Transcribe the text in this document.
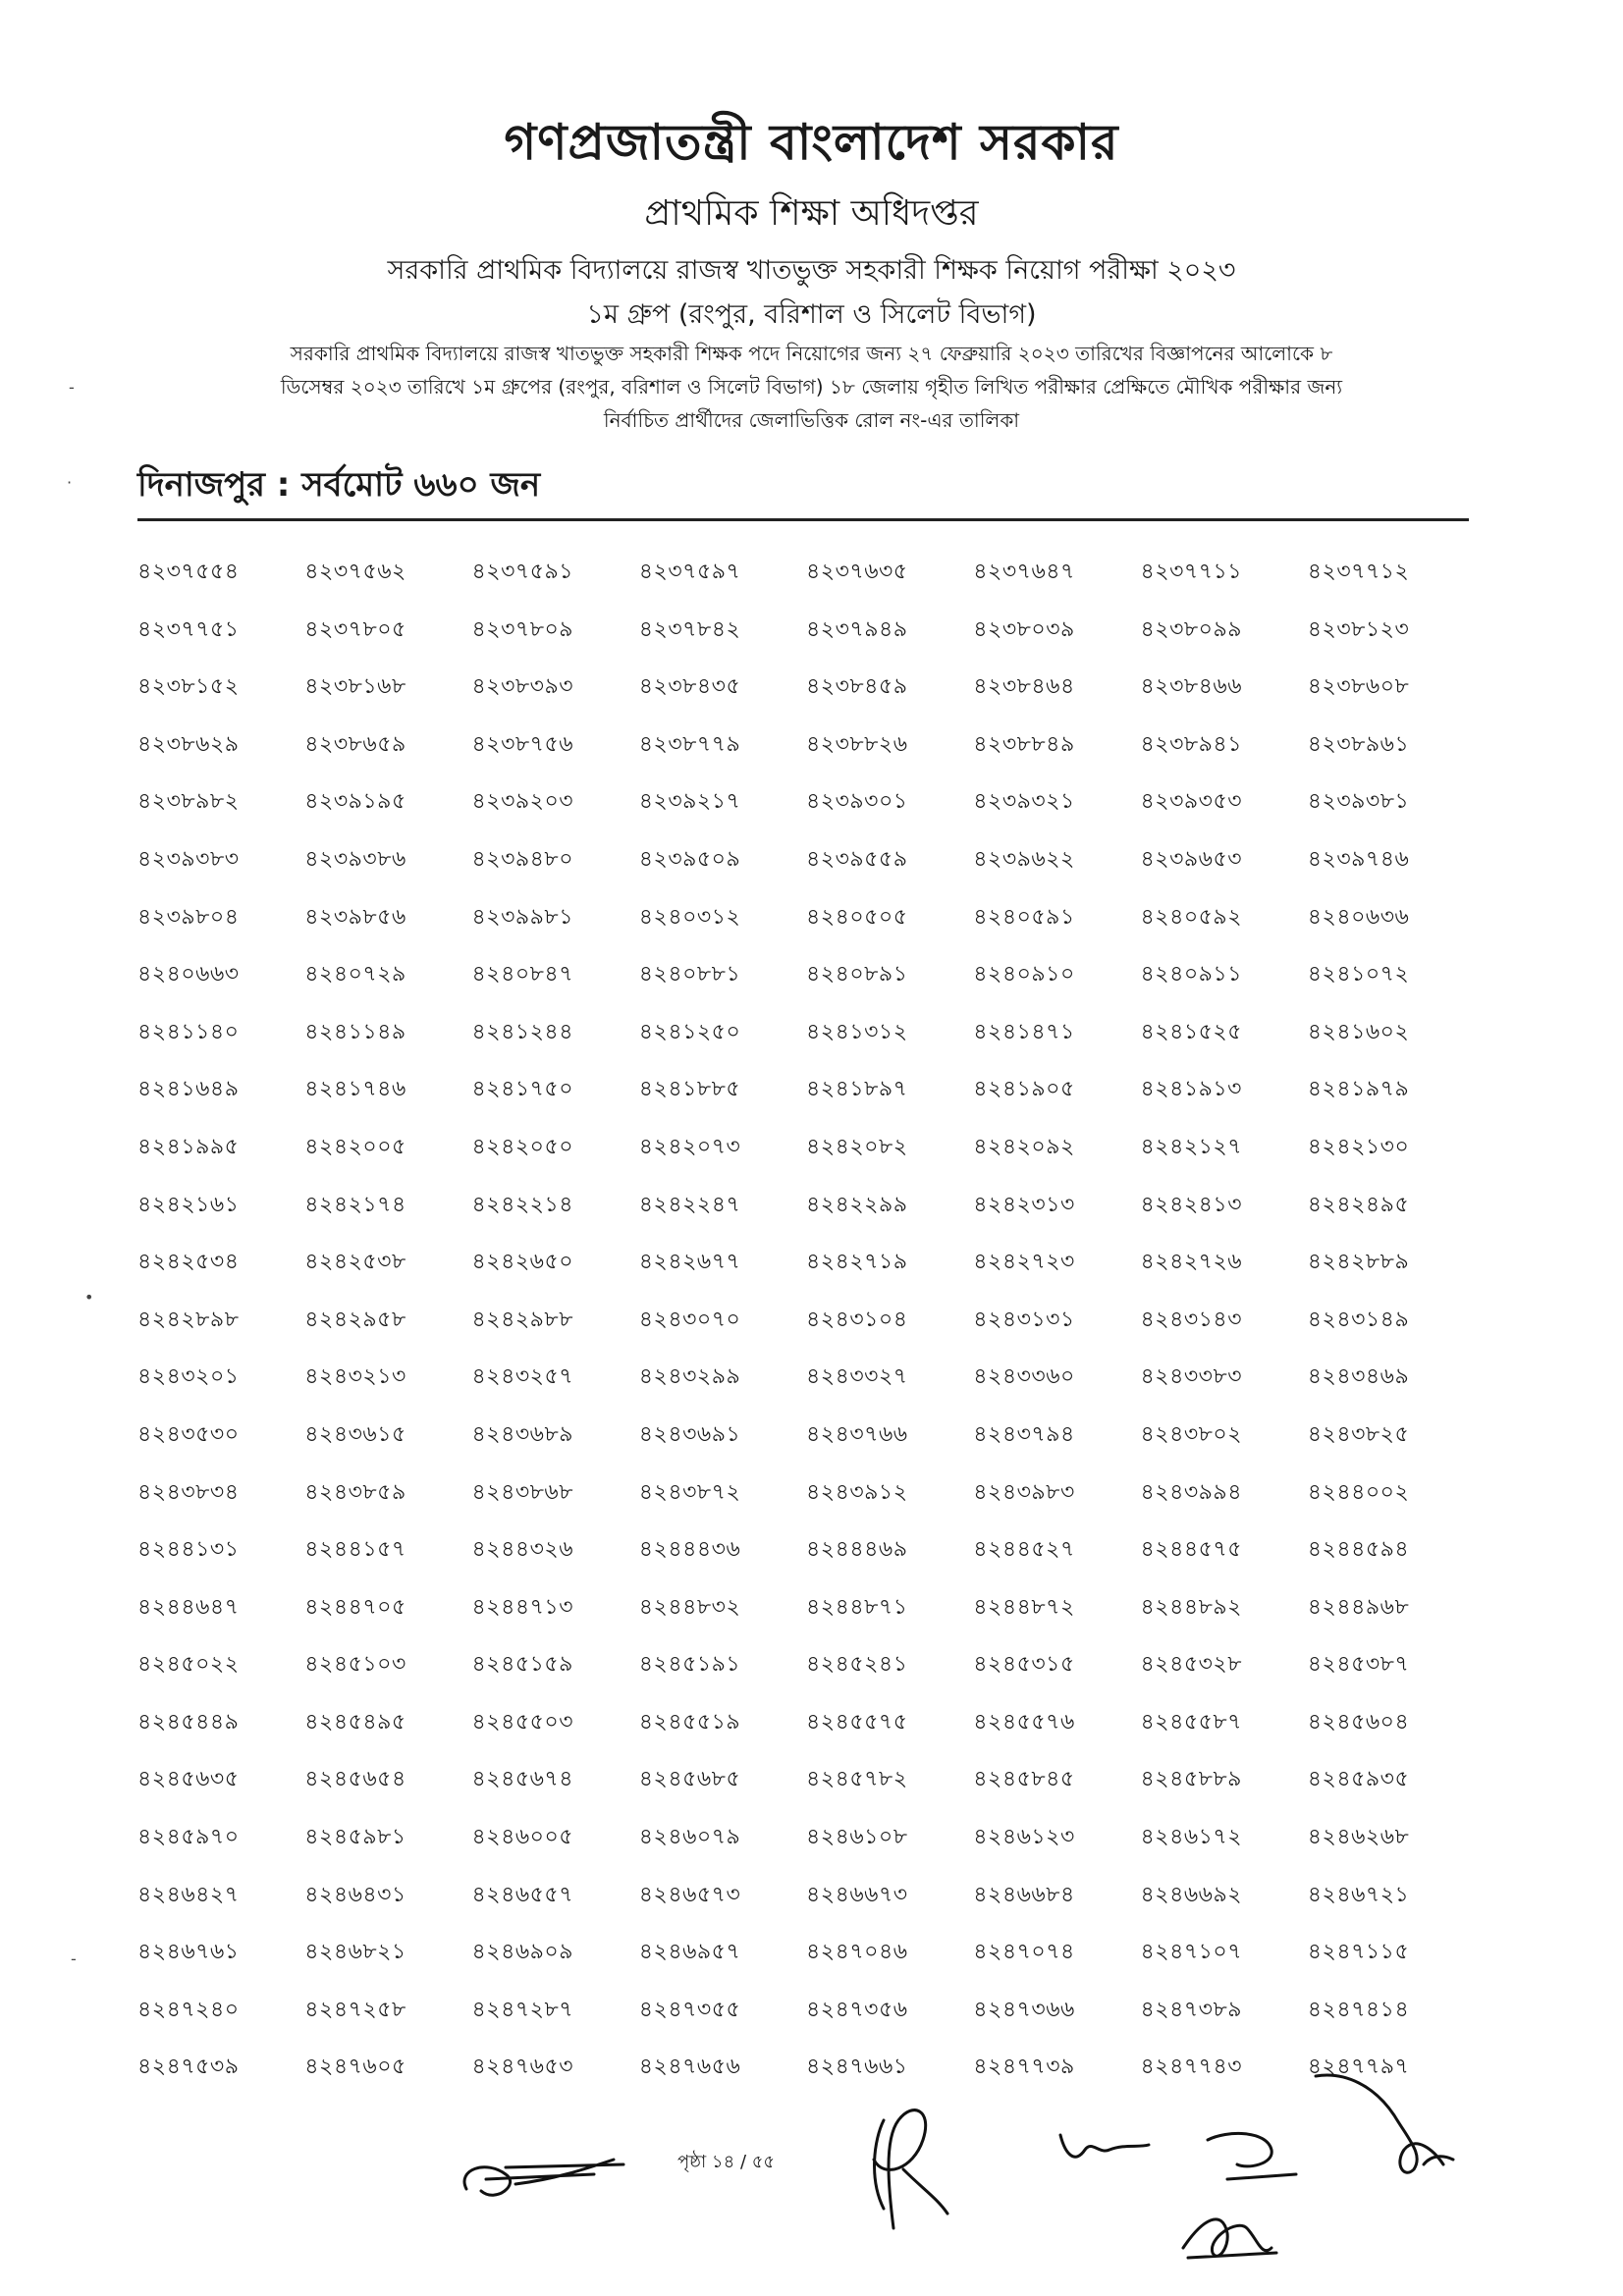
গণপ্রজাতন্ত্রী বাংলাদেশ সরকার
প্রাথমিক শিক্ষা অধিদপ্তর
সরকারি প্রাথমিক বিদ্যালয়ে রাজস্ব খাতভুক্ত সহকারী শিক্ষক নিয়োগ পরীক্ষা ২০২৩
১ম গ্রুপ (রংপুর, বরিশাল ও সিলেট বিভাগ)
সরকারি প্রাথমিক বিদ্যালয়ে রাজস্ব খাতভুক্ত সহকারী শিক্ষক পদে নিয়োগের জন্য ২৭ ফেব্রুয়ারি ২০২৩ তারিখের বিজ্ঞাপনের আলোকে ৮
ডিসেম্বর ২০২৩ তারিখে ১ম গ্রুপের (রংপুর, বরিশাল ও সিলেট বিভাগ) ১৮ জেলায় গৃহীত লিখিত পরীক্ষার প্রেক্ষিতে মৌখিক পরীক্ষার জন্য
নির্বাচিত প্রার্থীদের জেলাভিত্তিক রোল নং-এর তালিকা
দিনাজপুর : সর্বমোট ৬৬০ জন
৪২৩৭৫৫৪	৪২৩৭৫৬২	৪২৩৭৫৯১	৪২৩৭৫৯৭	৪২৩৭৬৩৫	৪২৩৭৬৪৭	৪২৩৭৭১১	৪২৩৭৭১২
৪২৩৭৭৫১	৪২৩৭৮০৫	৪২৩৭৮০৯	৪২৩৭৮৪২	৪২৩৭৯৪৯	৪২৩৮০৩৯	৪২৩৮০৯৯	৪২৩৮১২৩
৪২৩৮১৫২	৪২৩৮১৬৮	৪২৩৮৩৯৩	৪২৩৮৪৩৫	৪২৩৮৪৫৯	৪২৩৮৪৬৪	৪২৩৮৪৬৬	৪২৩৮৬০৮
৪২৩৮৬২৯	৪২৩৮৬৫৯	৪২৩৮৭৫৬	৪২৩৮৭৭৯	৪২৩৮৮২৬	৪২৩৮৮৪৯	৪২৩৮৯৪১	৪২৩৮৯৬১
৪২৩৮৯৮২	৪২৩৯১৯৫	৪২৩৯২০৩	৪২৩৯২১৭	৪২৩৯৩০১	৪২৩৯৩২১	৪২৩৯৩৫৩	৪২৩৯৩৮১
৪২৩৯৩৮৩	৪২৩৯৩৮৬	৪২৩৯৪৮০	৪২৩৯৫০৯	৪২৩৯৫৫৯	৪২৩৯৬২২	৪২৩৯৬৫৩	৪২৩৯৭৪৬
৪২৩৯৮০৪	৪২৩৯৮৫৬	৪২৩৯৯৮১	৪২৪০৩১২	৪২৪০৫০৫	৪২৪০৫৯১	৪২৪০৫৯২	৪২৪০৬৩৬
৪২৪০৬৬৩	৪২৪০৭২৯	৪২৪০৮৪৭	৪২৪০৮৮১	৪২৪০৮৯১	৪২৪০৯১০	৪২৪০৯১১	৪২৪১০৭২
৪২৪১১৪০	৪২৪১১৪৯	৪২৪১২৪৪	৪২৪১২৫০	৪২৪১৩১২	৪২৪১৪৭১	৪২৪১৫২৫	৪২৪১৬০২
৪২৪১৬৪৯	৪২৪১৭৪৬	৪২৪১৭৫০	৪২৪১৮৮৫	৪২৪১৮৯৭	৪২৪১৯০৫	৪২৪১৯১৩	৪২৪১৯৭৯
৪২৪১৯৯৫	৪২৪২০০৫	৪২৪২০৫০	৪২৪২০৭৩	৪২৪২০৮২	৪২৪২০৯২	৪২৪২১২৭	৪২৪২১৩০
৪২৪২১৬১	৪২৪২১৭৪	৪২৪২২১৪	৪২৪২২৪৭	৪২৪২২৯৯	৪২৪২৩১৩	৪২৪২৪১৩	৪২৪২৪৯৫
৪২৪২৫৩৪	৪২৪২৫৩৮	৪২৪২৬৫০	৪২৪২৬৭৭	৪২৪২৭১৯	৪২৪২৭২৩	৪২৪২৭২৬	৪২৪২৮৮৯
৪২৪২৮৯৮	৪২৪২৯৫৮	৪২৪২৯৮৮	৪২৪৩০৭০	৪২৪৩১০৪	৪২৪৩১৩১	৪২৪৩১৪৩	৪২৪৩১৪৯
৪২৪৩২০১	৪২৪৩২১৩	৪২৪৩২৫৭	৪২৪৩২৯৯	৪২৪৩৩২৭	৪২৪৩৩৬০	৪২৪৩৩৮৩	৪২৪৩৪৬৯
৪২৪৩৫৩০	৪২৪৩৬১৫	৪২৪৩৬৮৯	৪২৪৩৬৯১	৪২৪৩৭৬৬	৪২৪৩৭৯৪	৪২৪৩৮০২	৪২৪৩৮২৫
৪২৪৩৮৩৪	৪২৪৩৮৫৯	৪২৪৩৮৬৮	৪২৪৩৮৭২	৪২৪৩৯১২	৪২৪৩৯৮৩	৪২৪৩৯৯৪	৪২৪৪০০২
৪২৪৪১৩১	৪২৪৪১৫৭	৪২৪৪৩২৬	৪২৪৪৪৩৬	৪২৪৪৪৬৯	৪২৪৪৫২৭	৪২৪৪৫৭৫	৪২৪৪৫৯৪
৪২৪৪৬৪৭	৪২৪৪৭০৫	৪২৪৪৭১৩	৪২৪৪৮৩২	৪২৪৪৮৭১	৪২৪৪৮৭২	৪২৪৪৮৯২	৪২৪৪৯৬৮
৪২৪৫০২২	৪২৪৫১০৩	৪২৪৫১৫৯	৪২৪৫১৯১	৪২৪৫২৪১	৪২৪৫৩১৫	৪২৪৫৩২৮	৪২৪৫৩৮৭
৪২৪৫৪৪৯	৪২৪৫৪৯৫	৪২৪৫৫০৩	৪২৪৫৫১৯	৪২৪৫৫৭৫	৪২৪৫৫৭৬	৪২৪৫৫৮৭	৪২৪৫৬০৪
৪২৪৫৬৩৫	৪২৪৫৬৫৪	৪২৪৫৬৭৪	৪২৪৫৬৮৫	৪২৪৫৭৮২	৪২৪৫৮৪৫	৪২৪৫৮৮৯	৪২৪৫৯৩৫
৪২৪৫৯৭০	৪২৪৫৯৮১	৪২৪৬০০৫	৪২৪৬০৭৯	৪২৪৬১০৮	৪২৪৬১২৩	৪২৪৬১৭২	৪২৪৬২৬৮
৪২৪৬৪২৭	৪২৪৬৪৩১	৪২৪৬৫৫৭	৪২৪৬৫৭৩	৪২৪৬৬৭৩	৪২৪৬৬৮৪	৪২৪৬৬৯২	৪২৪৬৭২১
৪২৪৬৭৬১	৪২৪৬৮২১	৪২৪৬৯০৯	৪২৪৬৯৫৭	৪২৪৭০৪৬	৪২৪৭০৭৪	৪২৪৭১০৭	৪২৪৭১১৫
৪২৪৭২৪০	৪২৪৭২৫৮	৪২৪৭২৮৭	৪২৪৭৩৫৫	৪২৪৭৩৫৬	৪২৪৭৩৬৬	৪২৪৭৩৮৯	৪২৪৭৪১৪
৪২৪৭৫৩৯	৪২৪৭৬০৫	৪২৪৭৬৫৩	৪২৪৭৬৫৬	৪২৪৭৬৬১	৪২৪৭৭৩৯	৪২৪৭৭৪৩	৪২৪৭৭৯৭
পৃষ্ঠা ১৪ / ৫৫
-
·
•
-
